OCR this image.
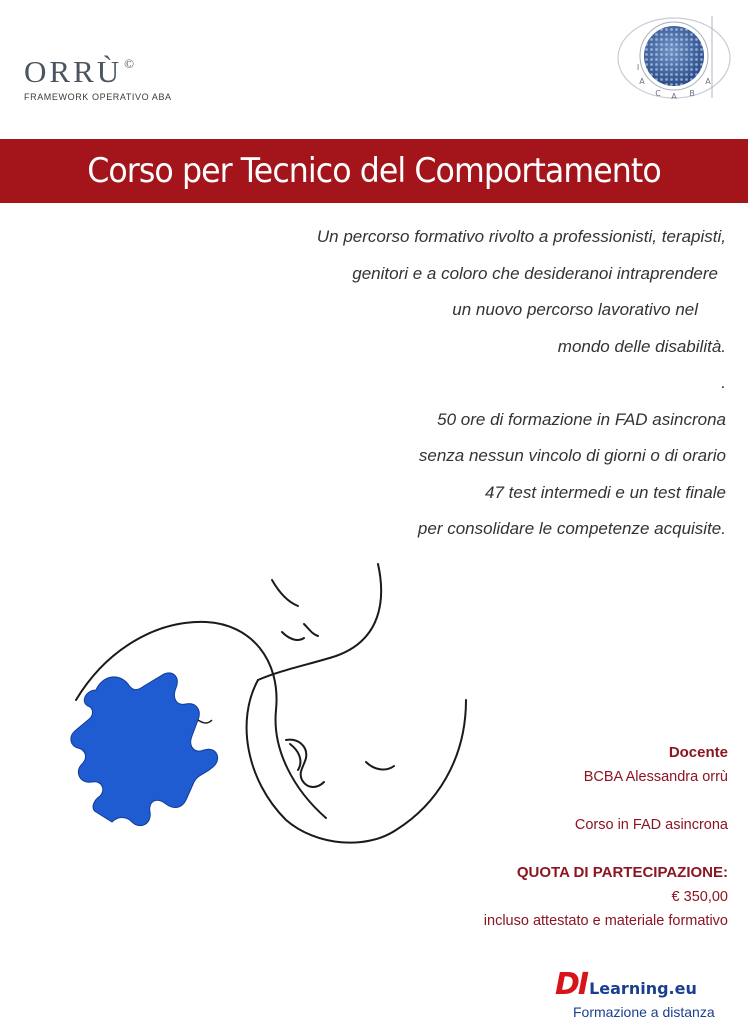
ORRÙ ©
FRAMEWORK OPERATIVO ABA
I
A
C A B
A
Corso per Tecnico del Comportamento

Un percorso formativo rivolto a professionisti, terapisti,

genitori e a coloro che desideranoi intraprendere

un nuovo percorso lavorativo nel

mondo delle disabilità.

.

50 ore di formazione in FAD asincrona

senza nessun vincolo di giorni o di orario

47 test intermedi e un test finale

per consolidare le competenze acquisite.

Docente

BCBA Alessandra orrù

Corso in FAD asincrona

QUOTA DI PARTECIPAZIONE:

€ 350,00

incluso attestato e materiale formativo

DI Learning.eu
Formazione a distanza
